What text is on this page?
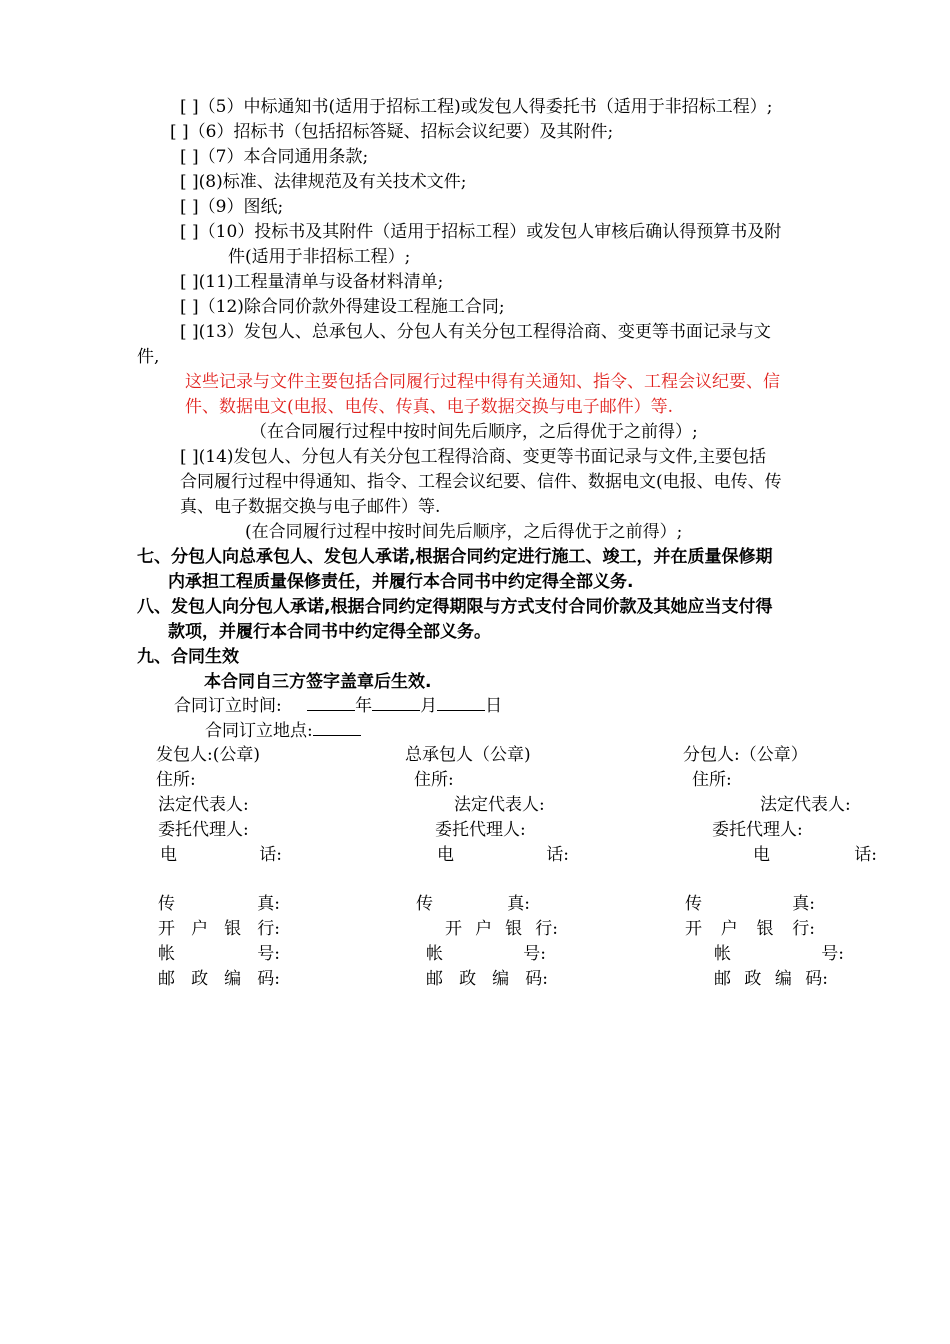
[ ]（5）中标通知书(适用于招标工程)或发包人得委托书（适用于非招标工程）;
[ ]（6）招标书（包括招标答疑、招标会议纪要）及其附件;
[ ]（7）本合同通用条款;
[ ](8)标准、法律规范及有关技术文件;
[ ]（9）图纸;
[ ]（10）投标书及其附件（适用于招标工程）或发包人审核后确认得预算书及附
件(适用于非招标工程）;
[ ](11)工程量清单与设备材料清单;
[ ]（12)除合同价款外得建设工程施工合同;
[ ](13）发包人、总承包人、分包人有关分包工程得洽商、变更等书面记录与文
件,
这些记录与文件主要包括合同履行过程中得有关通知、指令、工程会议纪要、信
件、数据电文(电报、电传、传真、电子数据交换与电子邮件）等.
（在合同履行过程中按时间先后顺序，之后得优于之前得）;
[ ](14)发包人、分包人有关分包工程得洽商、变更等书面记录与文件,主要包括
合同履行过程中得通知、指令、工程会议纪要、信件、数据电文(电报、电传、传
真、电子数据交换与电子邮件）等.
(在合同履行过程中按时间先后顺序，之后得优于之前得）;
七、分包人向总承包人、发包人承诺,根据合同约定进行施工、竣工，并在质量保修期
内承担工程质量保修责任，并履行本合同书中约定得全部义务.
八、发包人向分包人承诺,根据合同约定得期限与方式支付合同价款及其她应当支付得
款项，并履行本合同书中约定得全部义务。
九、合同生效
本合同自三方签字盖章后生效.
合同订立时间:	年	月	日
合同订立地点:
发包人:(公章)	总承包人（公章)	分包人:（公章）
住所:	住所:	住所:
法定代表人:	法定代表人:	法定代表人:
委托代理人:	委托代理人:	委托代理人:
电	话:	电	话:	电	话:
传	真:	传	真:	传	真:
开 户 银 行:	开 户 银 行:	开 户 银 行:
帐	号:	帐	号:	帐	号:
邮 政 编 码:	邮 政 编 码:	邮 政 编 码:
